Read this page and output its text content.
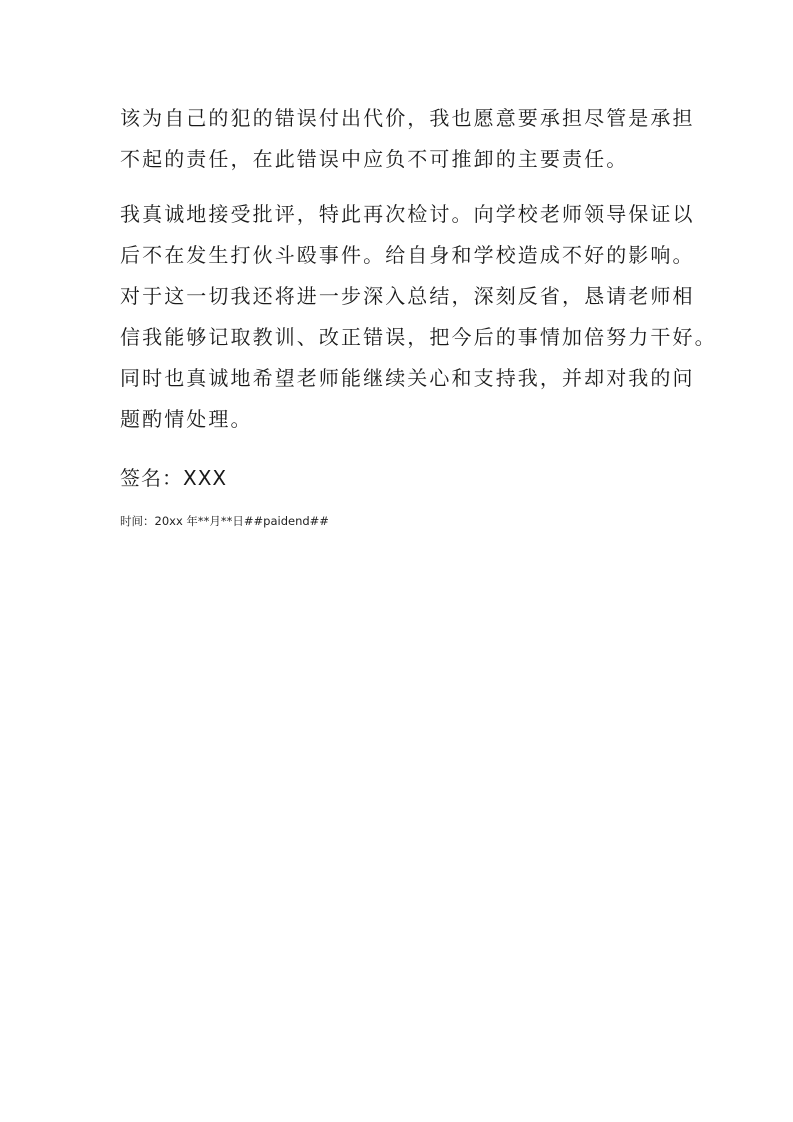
该为自己的犯的错误付出代价，我也愿意要承担尽管是承担
不起的责任，在此错误中应负不可推卸的主要责任。
我真诚地接受批评，特此再次检讨。向学校老师领导保证以
后不在发生打伙斗殴事件。给自身和学校造成不好的影响。
对于这一切我还将进一步深入总结，深刻反省，恳请老师相
信我能够记取教训、改正错误，把今后的事情加倍努力干好。
同时也真诚地希望老师能继续关心和支持我，并却对我的问
题酌情处理。
签名：XXX
时间：20xx 年**月**日##paidend##
